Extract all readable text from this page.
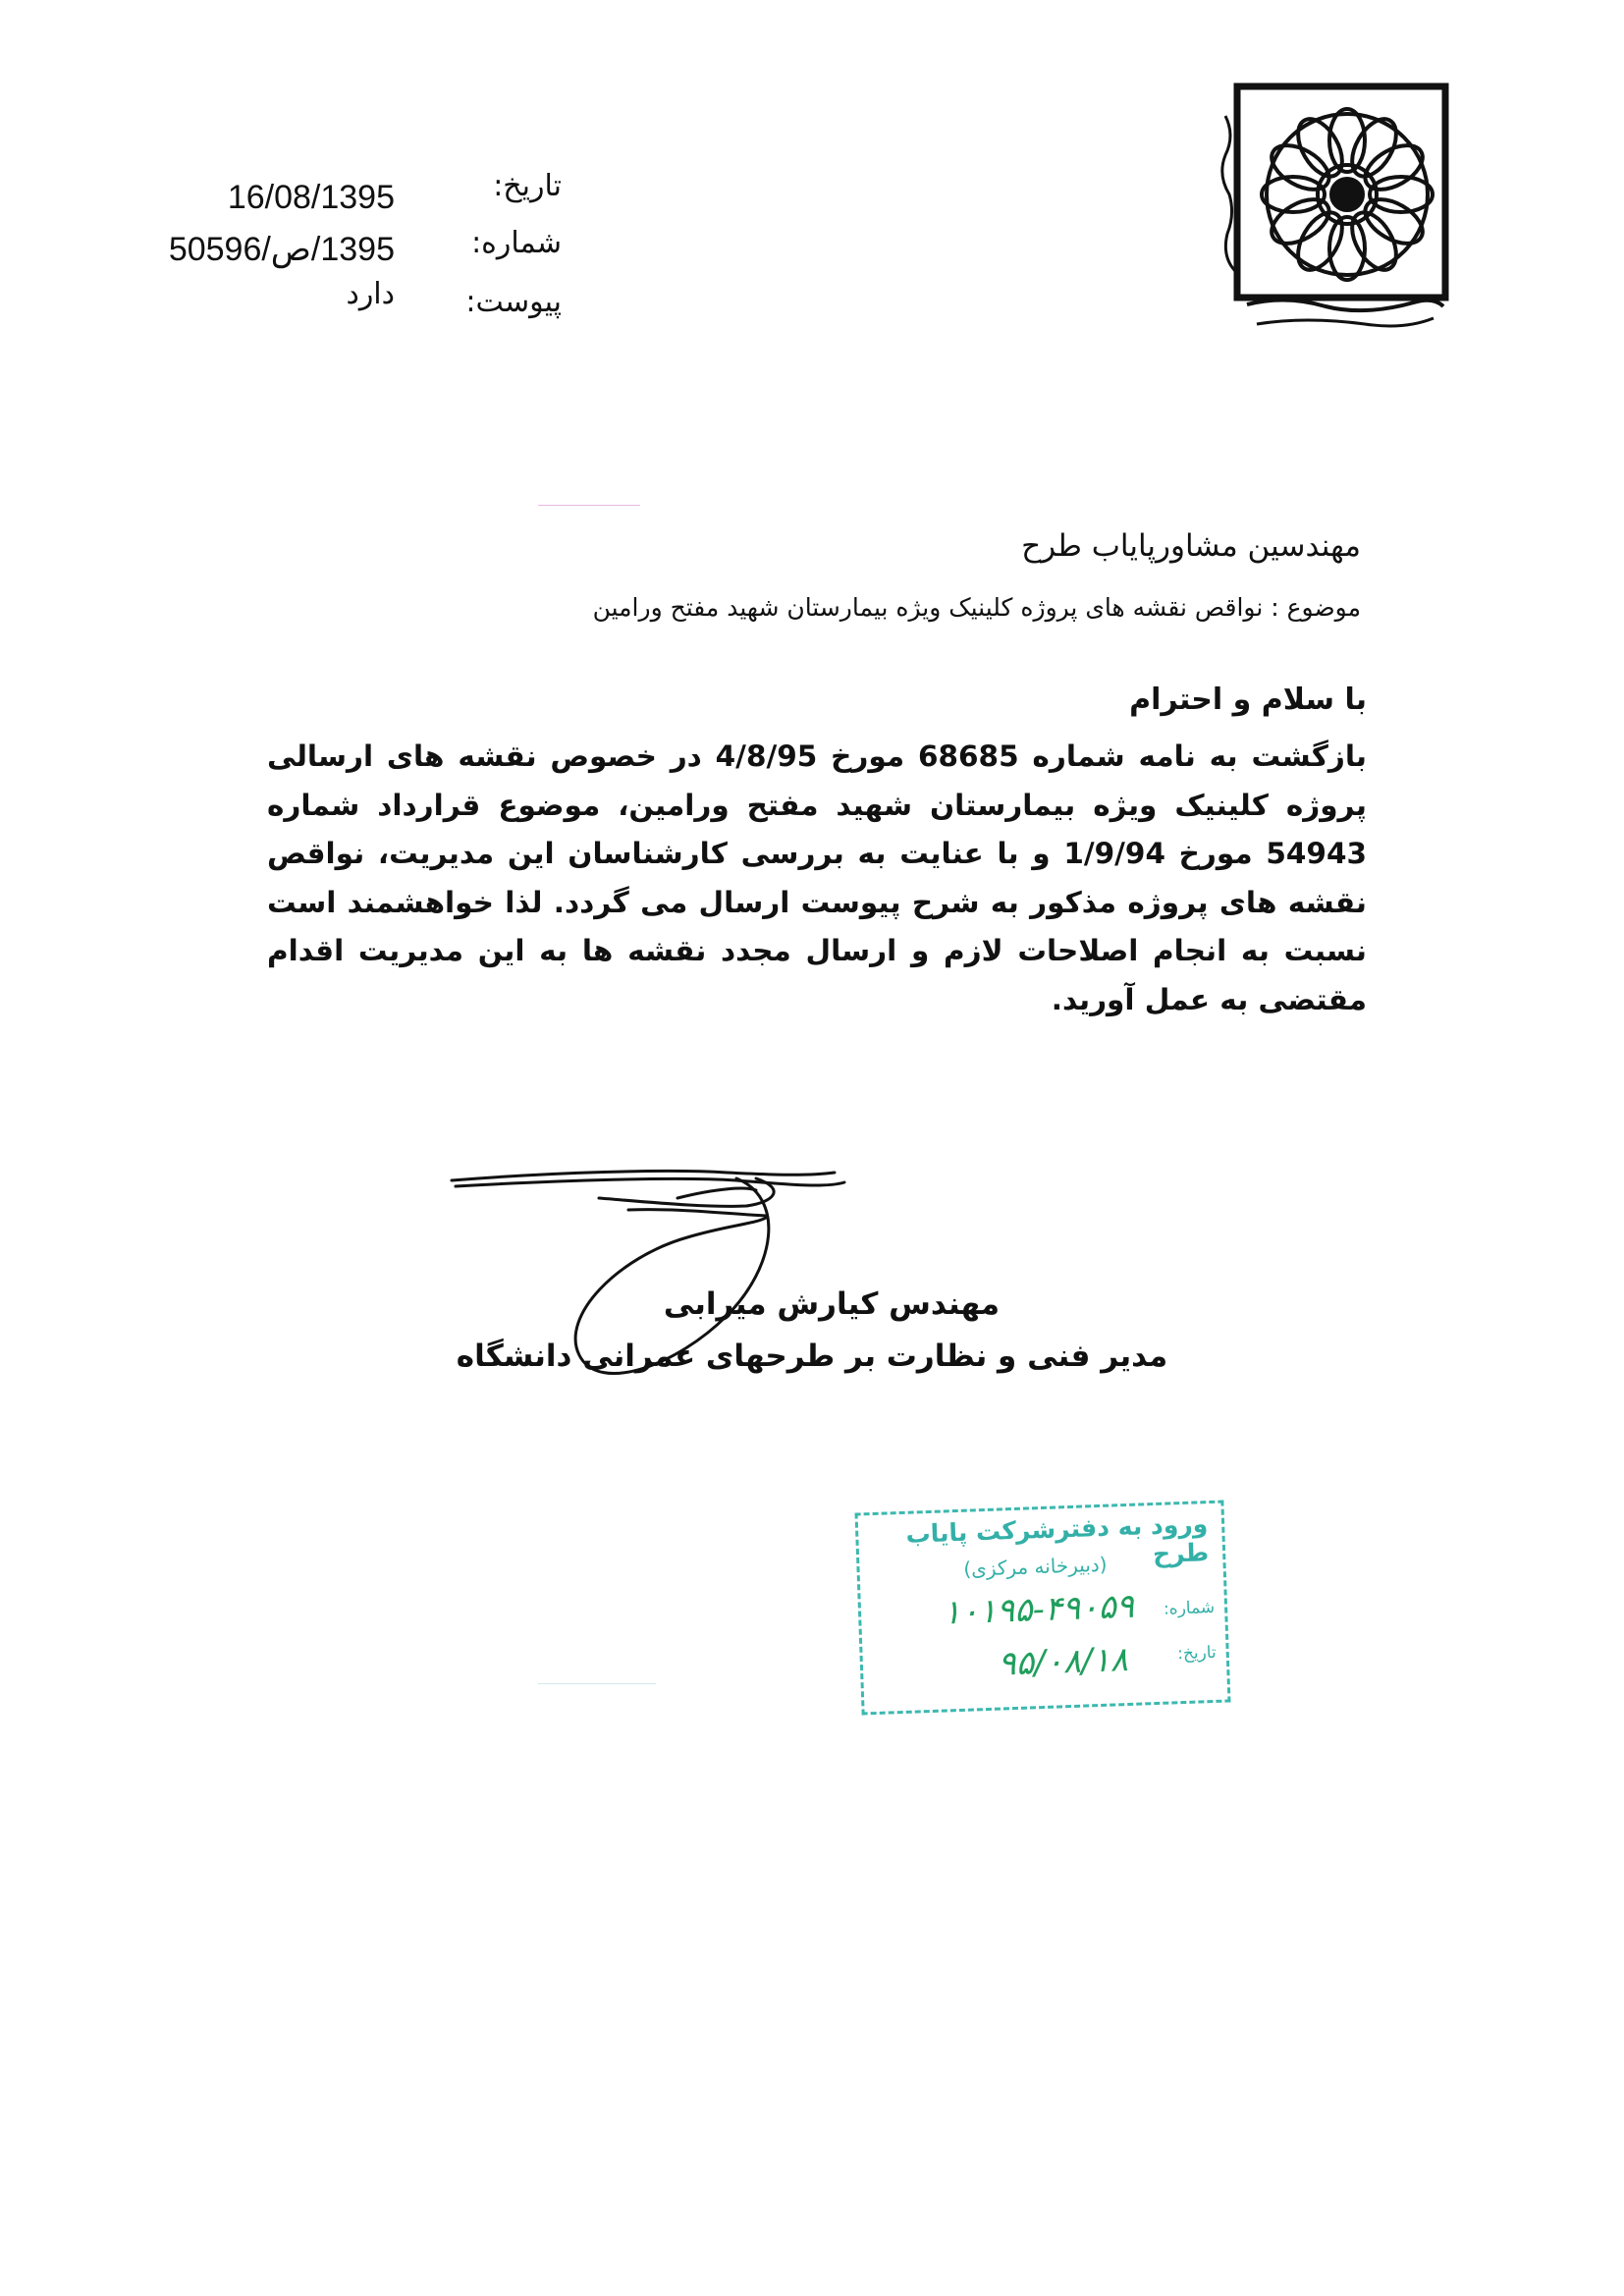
تاریخ:
16/08/1395
شماره:
1395/ص/50596
پیوست:
دارد
مهندسین مشاورپایاب طرح
موضوع : نواقص نقشه های پروژه کلینیک ویژه بیمارستان شهید مفتح ورامین
با سلام و احترام
بازگشت به نامه شماره 68685 مورخ 4/8/95 در خصوص نقشه های ارسالی پروژه کلینیک ویژه بیمارستان شهید مفتح ورامین، موضوع قرارداد شماره 54943 مورخ 1/9/94 و با عنایت به بررسی کارشناسان این مدیریت، نواقص نقشه های پروژه مذکور به شرح پیوست ارسال می گردد. لذا خواهشمند است نسبت به انجام اصلاحات لازم و ارسال مجدد نقشه ها به این مدیریت اقدام مقتضی به عمل آورید.
مهندس کیارش میرابی
مدیر فنی و نظارت بر طرحهای عمرانی دانشگاه
ورود به دفترشرکت پایاب طرح
(دبیرخانه مرکزی)
شماره:
۱۰۱۹۵-۴۹۰۵۹
تاریخ:
۹۵/۰۸/۱۸
